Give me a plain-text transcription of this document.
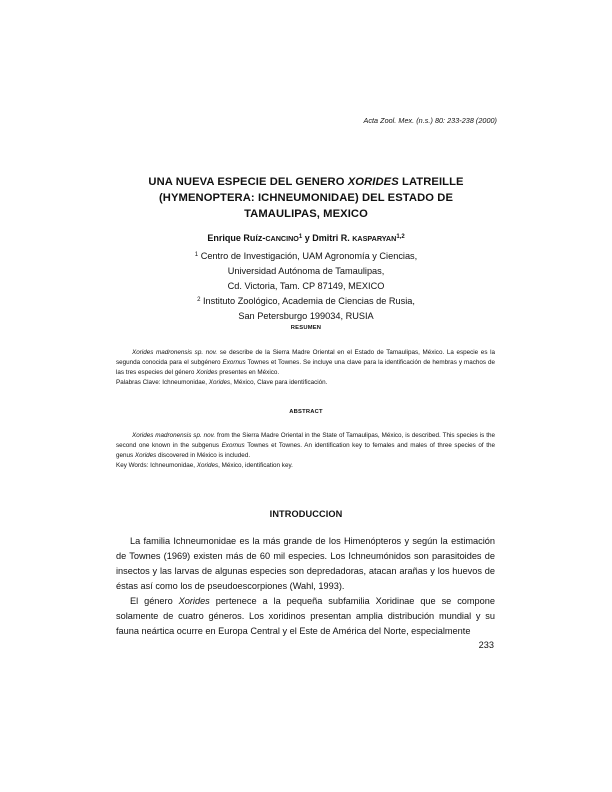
Acta Zool. Mex. (n.s.) 80: 233-238 (2000)
UNA NUEVA ESPECIE DEL GENERO XORIDES LATREILLE
(HYMENOPTERA: ICHNEUMONIDAE) DEL ESTADO DE
TAMAULIPAS, MEXICO
Enrique Ruíz-CANCINO$^1$ y Dmitri R. KASPARYAN$^{1,2}$
$^1$ Centro de Investigación, UAM Agronomía y Ciencias,
Universidad Autónoma de Tamaulipas,
Cd. Victoria, Tam. CP 87149, MEXICO
$^2$ Instituto Zoológico, Academia de Ciencias de Rusia,
San Petersburgo 199034, RUSIA
RESUMEN

Xorides madronensis sp. nov. se describe de la Sierra Madre Oriental en el Estado de Tamaulipas, México. La especie es la segunda conocida para el subgénero Exornus Townes et Townes. Se incluye una clave para la identificación de hembras y machos de las tres especies del género Xorides presentes en México.

Palabras Clave: Ichneumonidae, Xorides, México, Clave para identificación.

ABSTRACT

Xorides madronensis sp. nov. from the Sierra Madre Oriental in the State of Tamaulipas, México, is described. This species is the second one known in the subgenus Exornus Townes et Townes. An identification key to females and males of three species of the genus Xorides discovered in México is included.

Key Words: Ichneumonidae, Xorides, México, identification key.

INTRODUCCION

La familia Ichneumonidae es la más grande de los Himenópteros y según la estimación de Townes (1969) existen más de 60 mil especies. Los Ichneumónidos son parasitoides de insectos y las larvas de algunas especies son depredadoras, atacan arañas y los huevos de éstas así como los de pseudoescorpiones (Wahl, 1993).

El género Xorides pertenece a la pequeña subfamilia Xoridinae que se compone solamente de cuatro géneros. Los xoridinos presentan amplia distribución mundial y su fauna neártica ocurre en Europa Central y el Este de América del Norte, especialmente

233
